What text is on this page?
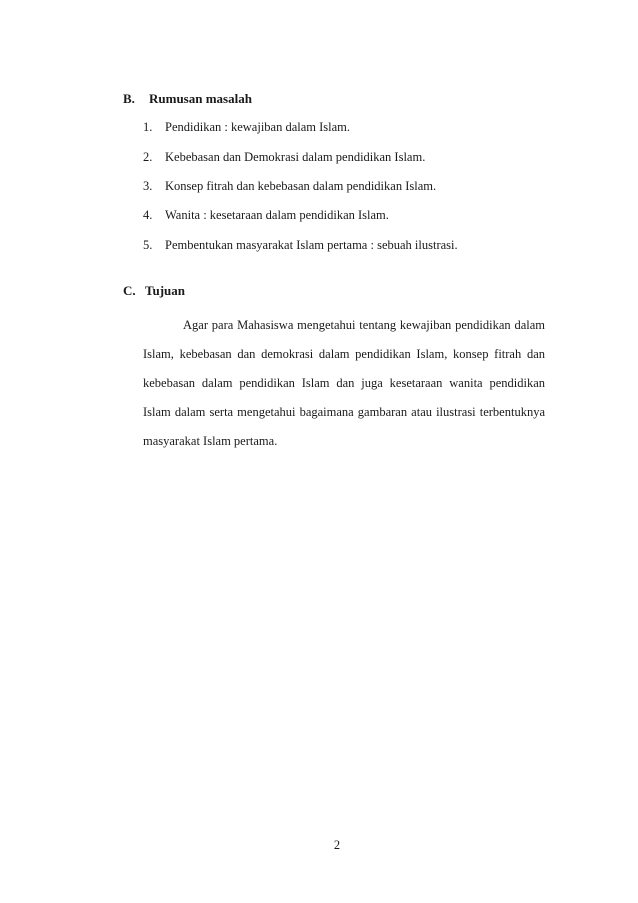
B. Rumusan masalah
1. Pendidikan : kewajiban dalam Islam.
2. Kebebasan dan Demokrasi dalam pendidikan Islam.
3. Konsep fitrah dan kebebasan dalam pendidikan Islam.
4. Wanita : kesetaraan dalam pendidikan Islam.
5. Pembentukan masyarakat Islam pertama : sebuah ilustrasi.
C. Tujuan

Agar para Mahasiswa mengetahui tentang kewajiban pendidikan dalam Islam, kebebasan dan demokrasi dalam pendidikan Islam, konsep fitrah dan kebebasan dalam pendidikan Islam dan juga kesetaraan wanita pendidikan Islam dalam serta mengetahui bagaimana gambaran atau ilustrasi terbentuknya masyarakat Islam pertama.

2
